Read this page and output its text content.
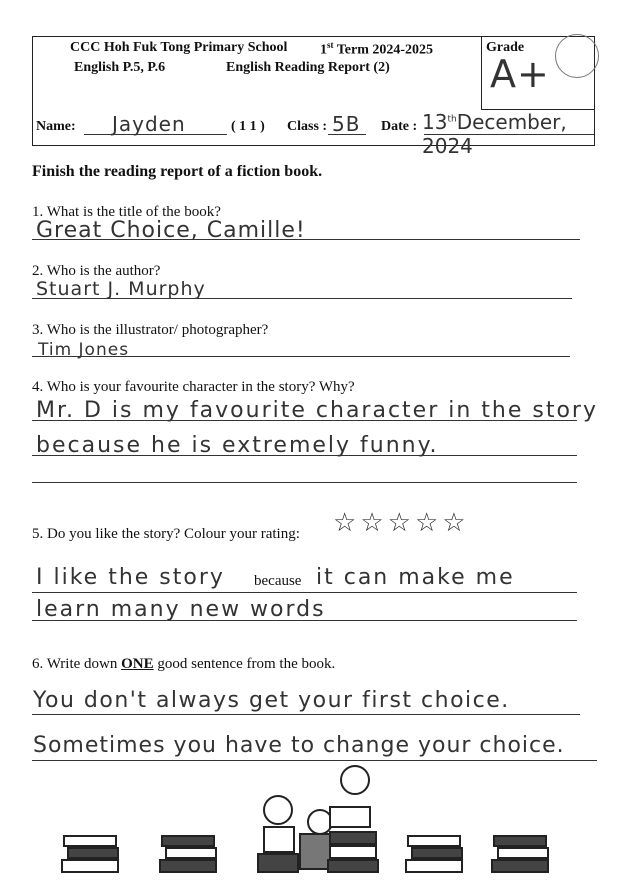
CCC Hoh Fuk Tong Primary School 1st Term 2024-2025
English P.5, P.6	English Reading Report (2)
Grade
A+
Name: Jayden	( 1 1 ) Class : 5B Date : 13thDecember, 2024
Finish the reading report of a fiction book.
1. What is the title of the book?
Great Choice, Camille!
2. Who is the author?
Stuart J. Murphy
3. Who is the illustrator/ photographer?
Tim Jones
4. Who is your favourite character in the story? Why?
Mr. D is my favourite character in the story
because he is extremely funny.
5. Do you like the story? Colour your rating: ☆ ☆ ☆ ☆ ☆
I like the story because it can make me
learn many new words
6. Write down ONE good sentence from the book.
You don't always get your first choice.
Sometimes you have to change your choice.
